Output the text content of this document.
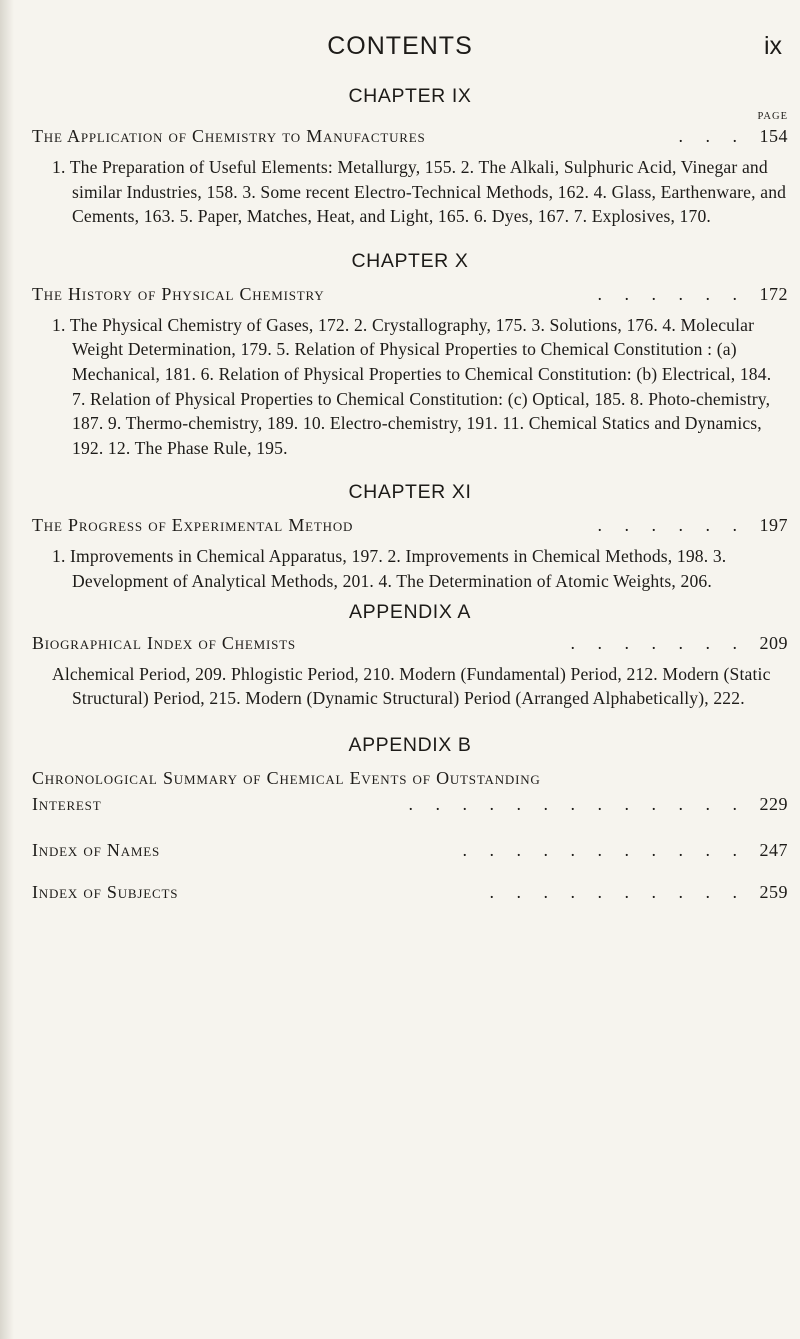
CONTENTS	ix
CHAPTER IX
PAGE
The Application of Chemistry to Manufactures	. . . 154
1. The Preparation of Useful Elements: Metallurgy, 155. 2. The Alkali, Sulphuric Acid, Vinegar and similar Industries, 158. 3. Some recent Electro-Technical Methods, 162. 4. Glass, Earthenware, and Cements, 163. 5. Paper, Matches, Heat, and Light, 165. 6. Dyes, 167. 7. Explosives, 170.
CHAPTER X
The History of Physical Chemistry	. . . . . . 172
1. The Physical Chemistry of Gases, 172. 2. Crystallography, 175. 3. Solutions, 176. 4. Molecular Weight Determination, 179. 5. Relation of Physical Properties to Chemical Constitution : (a) Mechanical, 181. 6. Relation of Physical Properties to Chemical Constitution: (b) Electrical, 184. 7. Relation of Physical Properties to Chemical Constitution: (c) Optical, 185. 8. Photo-chemistry, 187. 9. Thermo-chemistry, 189. 10. Electro-chemistry, 191. 11. Chemical Statics and Dynamics, 192. 12. The Phase Rule, 195.
CHAPTER XI
The Progress of Experimental Method	. . . . . . 197
1. Improvements in Chemical Apparatus, 197. 2. Improvements in Chemical Methods, 198. 3. Development of Analytical Methods, 201. 4. The Determination of Atomic Weights, 206.
APPENDIX A
Biographical Index of Chemists	. . . . . . . 209
Alchemical Period, 209. Phlogistic Period, 210. Modern (Fundamental) Period, 212. Modern (Static Structural) Period, 215. Modern (Dynamic Structural) Period (Arranged Alphabetically), 222.
APPENDIX B
Chronological Summary of Chemical Events of Outstanding
Interest	. . . . . . . . . . . . . 229
Index of Names	. . . . . . . . . . . 247
Index of Subjects	. . . . . . . . . . 259
